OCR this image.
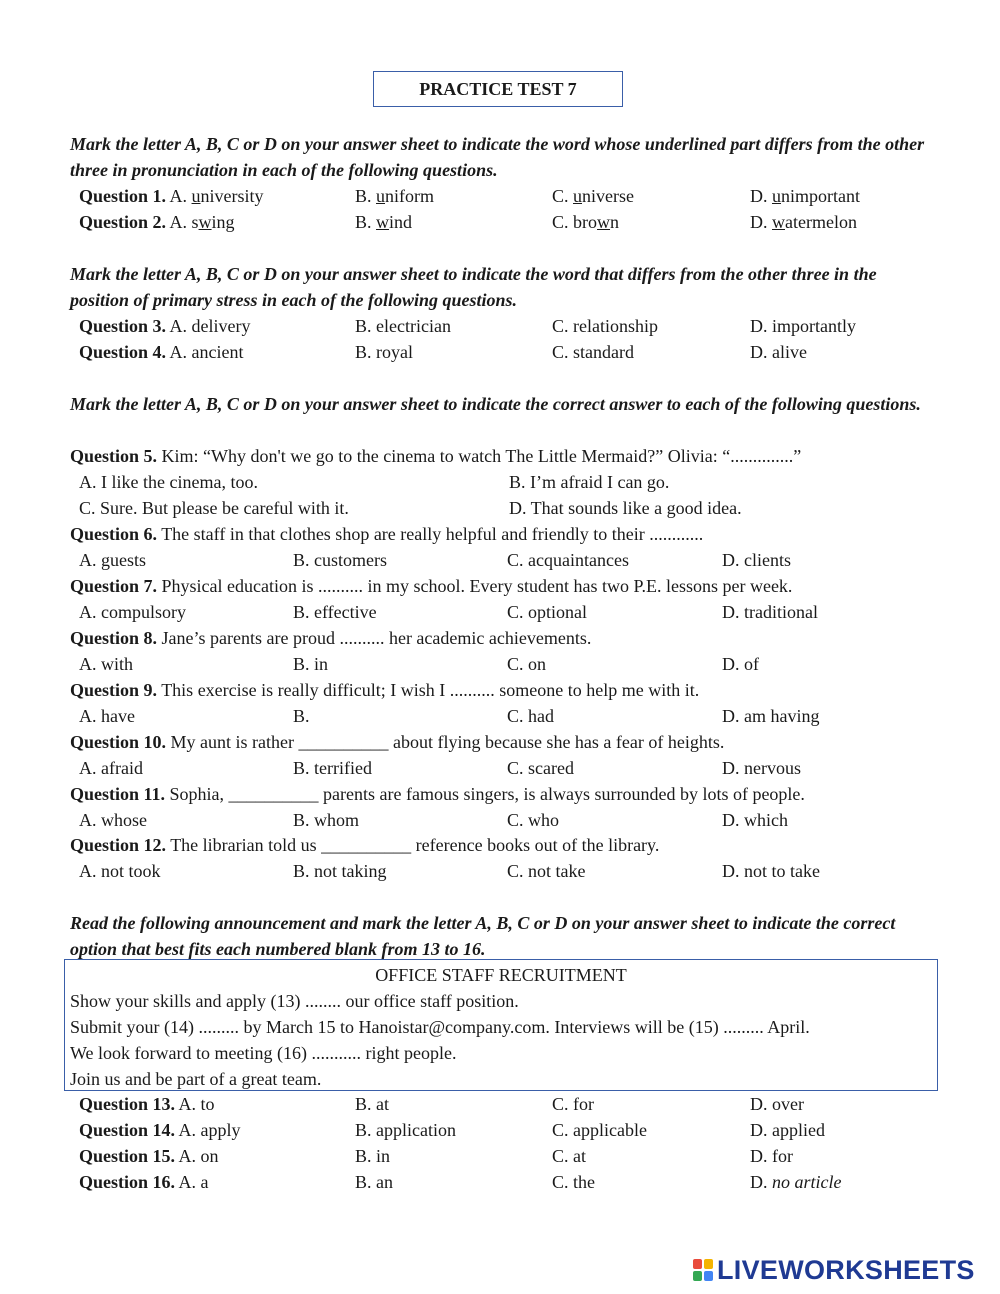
PRACTICE TEST 7
Mark the letter A, B, C or D on your answer sheet to indicate the word whose underlined part differs from the other three in pronunciation in each of the following questions.
Question 1. A. university	B. uniform	C. universe	D. unimportant
Question 2. A. swing	B. wind	C. brown	D. watermelon
Mark the letter A, B, C or D on your answer sheet to indicate the word that differs from the other three in the position of primary stress in each of the following questions.
Question 3. A. delivery	B. electrician	C. relationship	D. importantly
Question 4. A. ancient	B. royal	C. standard	D. alive
Mark the letter A, B, C or D on your answer sheet to indicate the correct answer to each of the following questions.
Question 5. Kim: “Why don't we go to the cinema to watch The Little Mermaid?” Olivia: “..............”
A. I like the cinema, too.	B. I’m afraid I can go.
C. Sure. But please be careful with it.	D. That sounds like a good idea.
Question 6. The staff in that clothes shop are really helpful and friendly to their ............
A. guests	B. customers	C. acquaintances	D. clients
Question 7. Physical education is .......... in my school. Every student has two P.E. lessons per week.
A. compulsory	B. effective	C. optional	D. traditional
Question 8. Jane’s parents are proud .......... her academic achievements.
A. with	B. in	C. on	D. of
Question 9. This exercise is really difficult; I wish I .......... someone to help me with it.
A. have	B.	C. had	D. am having
Question 10. My aunt is rather __________ about flying because she has a fear of heights.
A. afraid	B. terrified	C. scared	D. nervous
Question 11. Sophia, __________ parents are famous singers, is always surrounded by lots of people.
A. whose	B. whom	C. who	D. which
Question 12. The librarian told us __________ reference books out of the library.
A. not took	B. not taking	C. not take	D. not to take
Read the following announcement and mark the letter A, B, C or D on your answer sheet to indicate the correct option that best fits each numbered blank from 13 to 16.
OFFICE STAFF RECRUITMENT
Show your skills and apply (13) ........ our office staff position.
Submit your (14) ......... by March 15 to Hanoistar@company.com. Interviews will be (15) ......... April.
We look forward to meeting (16) ........... right people.
Join us and be part of a great team.
Question 13. A. to	B. at	C. for	D. over
Question 14. A. apply	B. application	C. applicable	D. applied
Question 15. A. on	B. in	C. at	D. for
Question 16. A. a	B. an	C. the	D. no article
LIVEWORKSHEETS
